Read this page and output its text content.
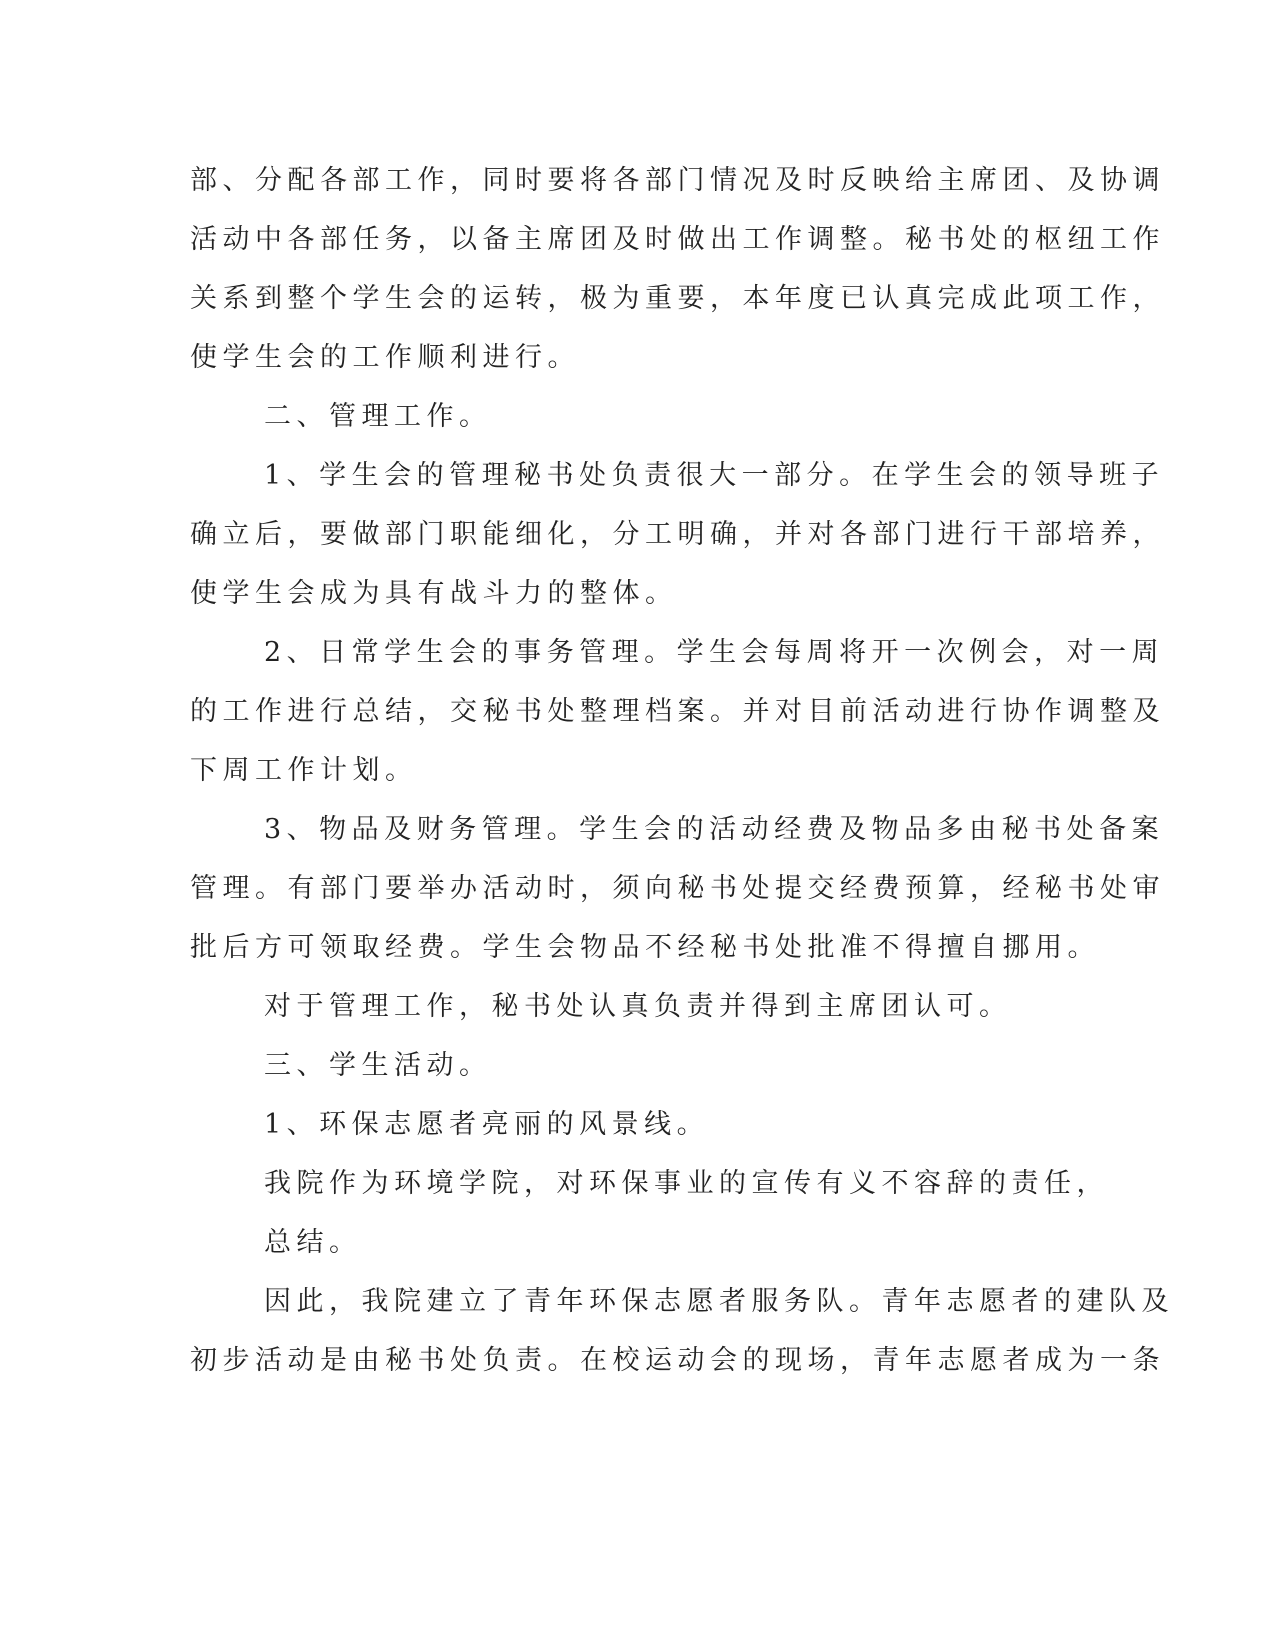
部、分配各部工作，同时要将各部门情况及时反映给主席团、及协调
活动中各部任务，以备主席团及时做出工作调整。秘书处的枢纽工作
关系到整个学生会的运转，极为重要，本年度已认真完成此项工作，
使学生会的工作顺利进行。
二、管理工作。
1、学生会的管理秘书处负责很大一部分。在学生会的领导班子
确立后，要做部门职能细化，分工明确，并对各部门进行干部培养，
使学生会成为具有战斗力的整体。
2、日常学生会的事务管理。学生会每周将开一次例会，对一周
的工作进行总结，交秘书处整理档案。并对目前活动进行协作调整及
下周工作计划。
3、物品及财务管理。学生会的活动经费及物品多由秘书处备案
管理。有部门要举办活动时，须向秘书处提交经费预算，经秘书处审
批后方可领取经费。学生会物品不经秘书处批准不得擅自挪用。
对于管理工作，秘书处认真负责并得到主席团认可。
三、学生活动。
1、环保志愿者亮丽的风景线。
我院作为环境学院，对环保事业的宣传有义不容辞的责任，
总结。
因此，我院建立了青年环保志愿者服务队。青年志愿者的建队及
初步活动是由秘书处负责。在校运动会的现场，青年志愿者成为一条
